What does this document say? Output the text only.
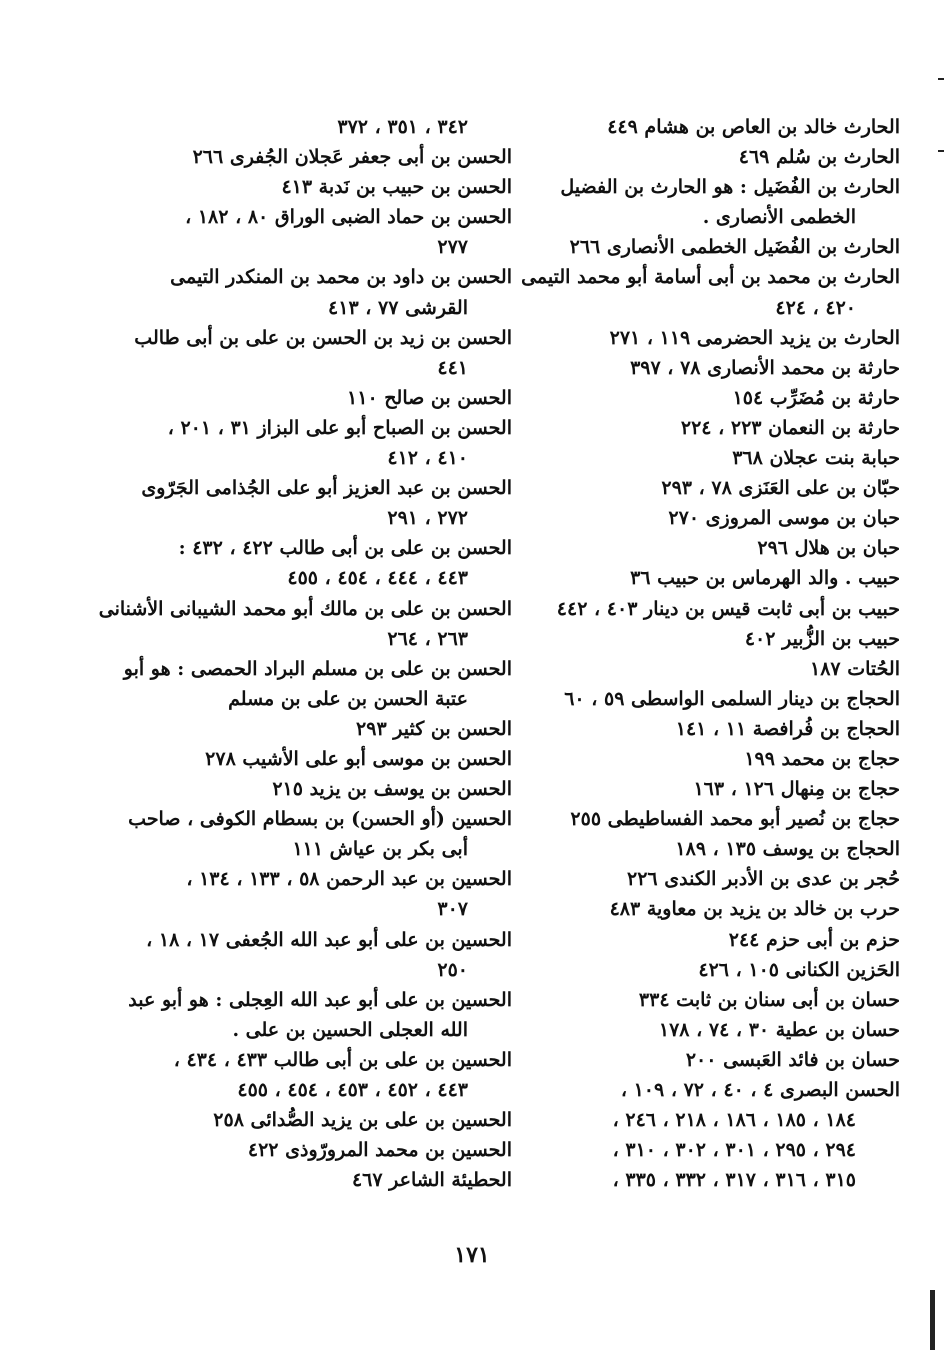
الحارث خالد بن العاص بن هشام ٤٤٩
الحارث بن سُلم ٤٦٩
الحارث بن الفُضَيل : هو الحارث بن الفضيل
الخطمى الأنصارى .
الحارث بن الفُضَيل الخطمى الأنصارى ٢٦٦
الحارث بن محمد بن أبى أسامة أبو محمد التيمى
٤٢٠ ، ٤٢٤
الحارث بن يزيد الحضرمى ١١٩ ، ٢٧١
حارثة بن محمد الأنصارى ٧٨ ، ٣٩٧
حارثة بن مُضَرِّب ١٥٤
حارثة بن النعمان ٢٢٣ ، ٢٢٤
حبابة بنت عجلان ٣٦٨
حبّان بن على العَنَزى ٧٨ ، ٢٩٣
حبان بن موسى المروزى ٢٧٠
حبان بن هلال ٢٩٦
حبيب . والد الهرماس بن حبيب ٣٦
حبيب بن أبى ثابت قيس بن دينار ٤٠٣ ، ٤٤٢
حبيب بن الزُّبير ٤٠٢
الحُتات ١٨٧
الحجاج بن دينار السلمى الواسطى ٥٩ ، ٦٠
الحجاج بن فُرافصة ١١ ، ١٤١
حجاج بن محمد ١٩٩
حجاج بن مِنهال ١٢٦ ، ١٦٣
حجاج بن نُصير أبو محمد الفساطيطى ٢٥٥
الحجاج بن يوسف ١٣٥ ، ١٨٩
حُجر بن عدى بن الأدبر الكندى ٢٢٦
حرب بن خالد بن يزيد بن معاوية ٤٨٣
حزم بن أبى حزم ٢٤٤
الحَزين الكنانى ١٠٥ ، ٤٢٦
حسان بن أبى سنان بن ثابت ٣٣٤
حسان بن عطية ٣٠ ، ٧٤ ، ١٧٨
حسان بن فائد العَبسى ٢٠٠
الحسن البصرى ٤ ، ٤٠ ، ٧٢ ، ١٠٩ ،
١٨٤ ، ١٨٥ ، ١٨٦ ، ٢١٨ ، ٢٤٦ ،
٢٩٤ ، ٢٩٥ ، ٣٠١ ، ٣٠٢ ، ٣١٠ ،
٣١٥ ، ٣١٦ ، ٣١٧ ، ٣٣٢ ، ٣٣٥ ،
٣٤٢ ، ٣٥١ ، ٣٧٢
الحسن بن أبى جعفر عَجلان الجُفرى ٢٦٦
الحسن بن حبيب بن نَدبة ٤١٣
الحسن بن حماد الضبى الوراق ٨٠ ، ١٨٢ ،
٢٧٧
الحسن بن داود بن محمد بن المنكدر التيمى
القرشى ٧٧ ، ٤١٣
الحسن بن زيد بن الحسن بن على بن أبى طالب
٤٤١
الحسن بن صالح ١١٠
الحسن بن الصباح أبو على البزاز ٣١ ، ٢٠١ ،
٤١٠ ، ٤١٢
الحسن بن عبد العزيز أبو على الجُذامى الجَرّوى
٢٧٢ ، ٢٩١
الحسن بن على بن أبى طالب ٤٢٢ ، ٤٣٢ :
٤٤٣ ، ٤٤٤ ، ٤٥٤ ، ٤٥٥
الحسن بن على بن مالك أبو محمد الشيبانى الأشنانى
٢٦٣ ، ٢٦٤
الحسن بن على بن مسلم البراد الحمصى : هو أبو
عتبة الحسن بن على بن مسلم
الحسن بن كثير ٢٩٣
الحسن بن موسى أبو على الأشيب ٢٧٨
الحسن بن يوسف بن يزيد ٢١٥
الحسين (أو الحسن) بن بسطام الكوفى ، صاحب
أبى بكر بن عياش ١١١
الحسين بن عبد الرحمن ٥٨ ، ١٣٣ ، ١٣٤ ،
٣٠٧
الحسين بن على أبو عبد الله الجُعفى ١٧ ، ١٨ ،
٢٥٠
الحسين بن على أبو عبد الله العِجلى : هو أبو عبد
الله العجلى الحسين بن على .
الحسين بن على بن أبى طالب ٤٣٣ ، ٤٣٤ ،
٤٤٣ ، ٤٥٢ ، ٤٥٣ ، ٤٥٤ ، ٤٥٥
الحسين بن على بن يزيد الصُّدائى ٢٥٨
الحسين بن محمد المرورّوذى ٤٢٢
الحطيئة الشاعر ٤٦٧
١٧١
